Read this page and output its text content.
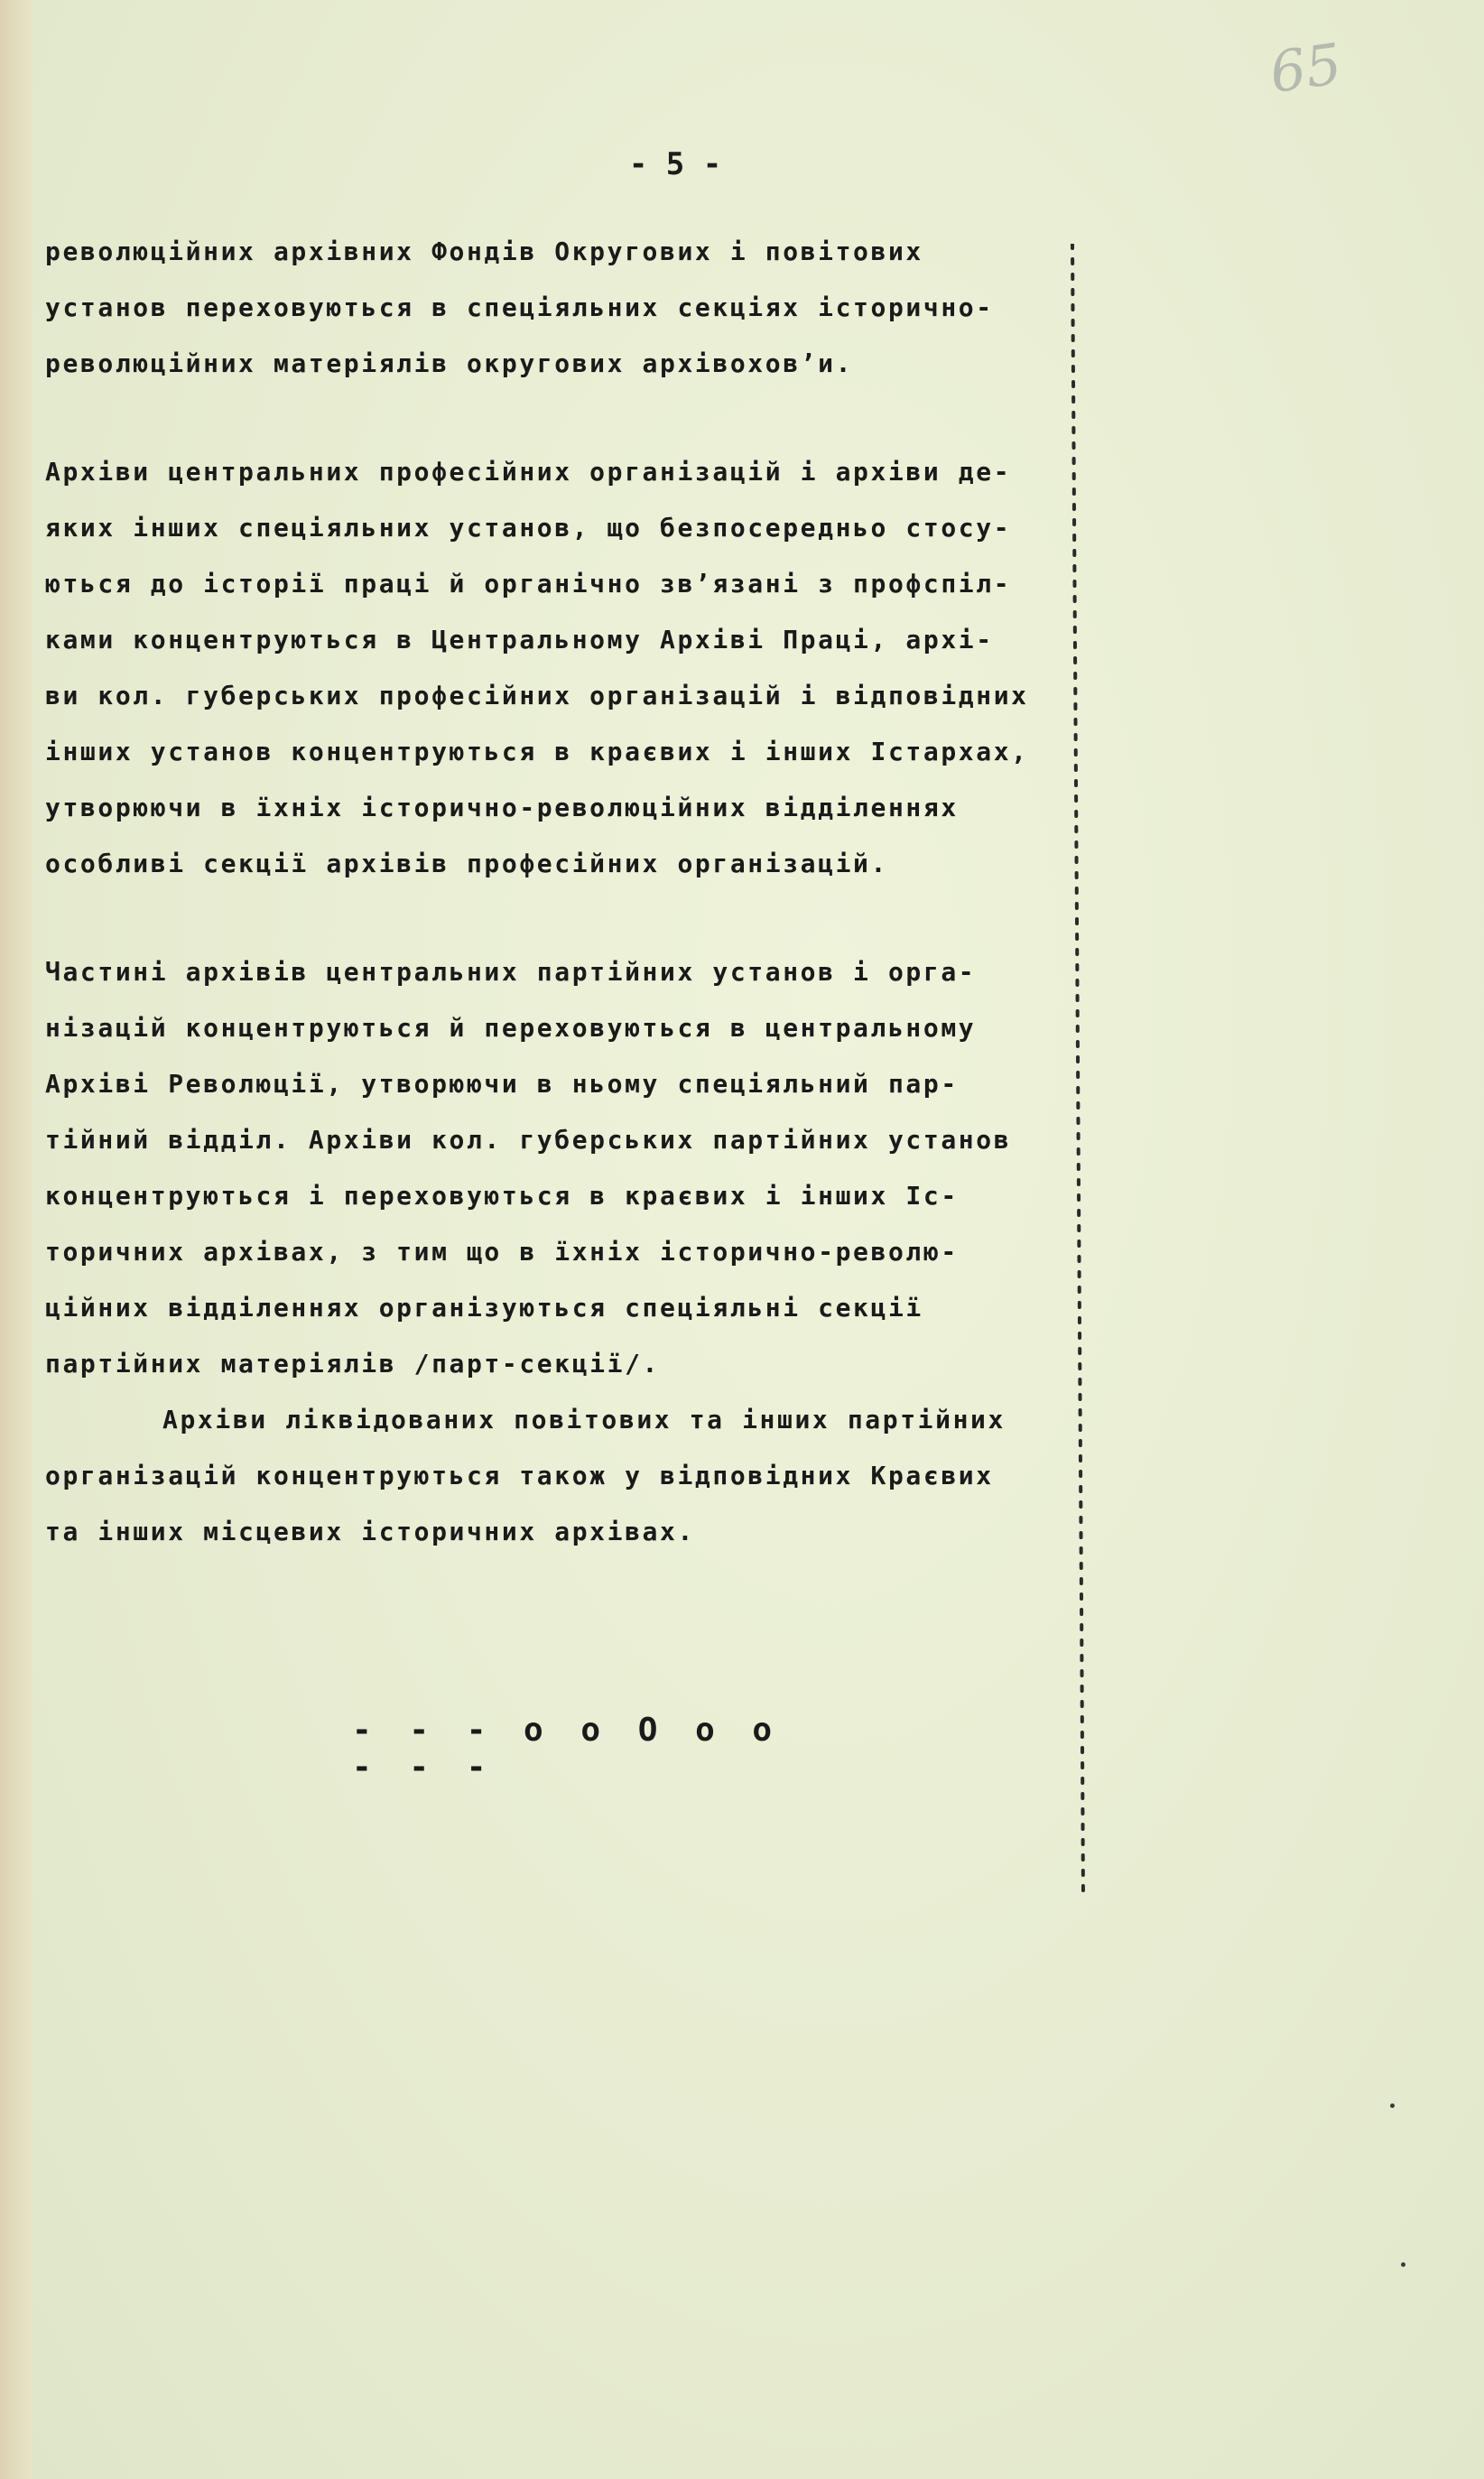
65
- 5 -
революційних архівних Фондів Округових і повітових
установ переховуються в спеціяльних секціях історично-
революційних матеріялів округових архівохов’и.
Архіви центральних професійних організацій і архіви де-
яких інших спеціяльних установ, що безпосередньо стосу-
ються до історії праці й органічно зв’язані з профспіл-
ками концентруються в Центральному Архіві Праці, архі-
ви кол. губерських професійних організацій і відповідних
інших установ концентруються в краєвих і інших Істархах,
утворюючи в їхніх історично-революційних відділеннях
особливі секції архівів професійних організацій.
Частині архівів центральних партійних установ і орга-
нізацій концентруються й переховуються в центральному
Архіві Революції, утворюючи в ньому спеціяльний пар-
тійний відділ. Архіви кол. губерських партійних установ
концентруються і переховуються в краєвих і інших Іс-
торичних архівах, з тим що в їхніх історично-револю-
ційних відділеннях організуються спеціяльні секції
партійних матеріялів /парт-секції/.
Архіви ліквідованих повітових та інших партійних
організацій концентруються також у відповідних Краєвих
та інших місцевих історичних архівах.
- - - о о О о о - - -
